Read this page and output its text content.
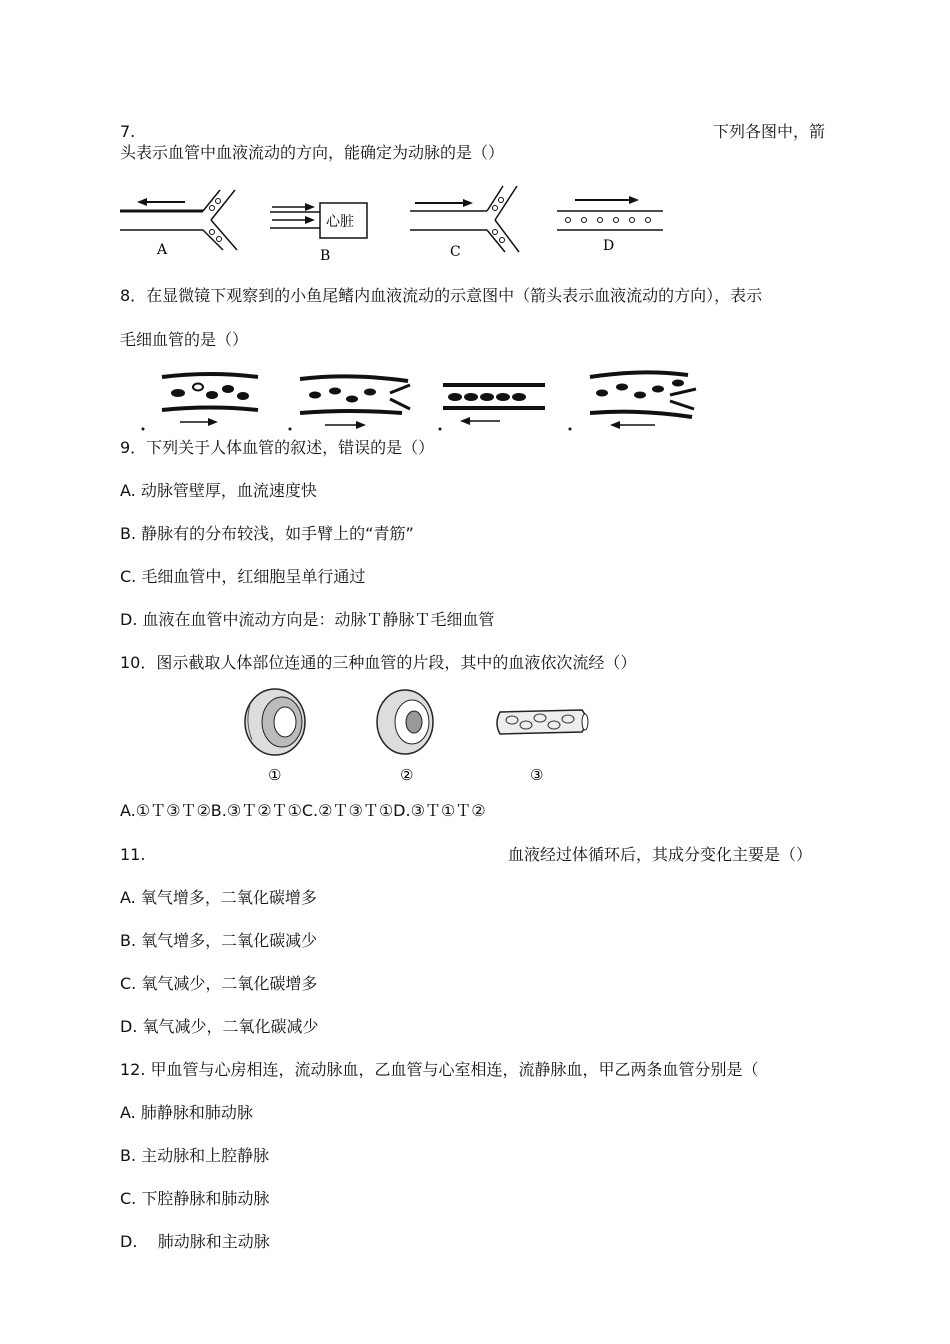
7.	下列各图中，箭
头表示血管中血液流动的方向，能确定为动脉的是（）
A
心脏
B	C	D
8．在显微镜下观察到的小鱼尾鳍内血液流动的示意图中（箭头表示血液流动的方向），表示
毛细血管的是（）
9．下列关于人体血管的叙述，错误的是（）
A. 动脉管壁厚，血流速度快
B. 静脉有的分布较浅，如手臂上的“青筋”
C. 毛细血管中，红细胞呈单行通过
D. 血液在血管中流动方向是：动脉Ｔ静脉Ｔ毛细血管
10．图示截取人体部位连通的三种血管的片段，其中的血液依次流经（）
①	②	③
A.①Ｔ③Ｔ②B.③Ｔ②Ｔ①C.②Ｔ③Ｔ①D.③Ｔ①Ｔ②
11.	血液经过体循环后，其成分变化主要是（）
A. 氧气增多，二氧化碳增多
B. 氧气增多，二氧化碳减少
C. 氧气减少，二氧化碳增多
D. 氧气减少，二氧化碳减少
12. 甲血管与心房相连，流动脉血，乙血管与心室相连，流静脉血，甲乙两条血管分别是（
A. 肺静脉和肺动脉
B. 主动脉和上腔静脉
C. 下腔静脉和肺动脉
D.    肺动脉和主动脉
